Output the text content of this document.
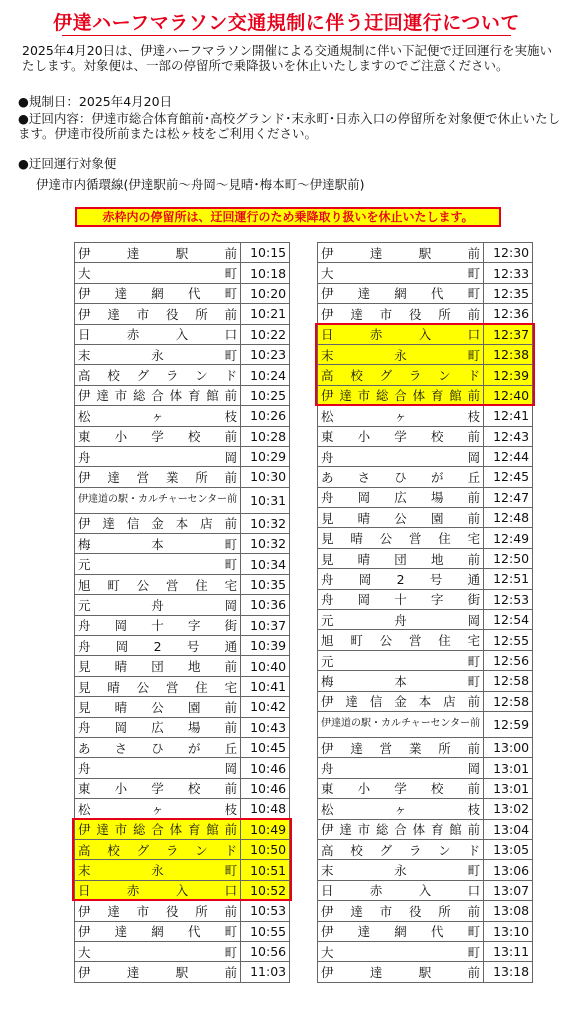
伊達ハーフマラソン交通規制に伴う迂回運行について
2025年4月20日は、伊達ハーフマラソン開催による交通規制に伴い下記便で迂回運行を実施いたします。対象便は、一部の停留所で乗降扱いを休止いたしますのでご注意ください。
●規制日：2025年4月20日
●迂回内容：伊達市総合体育館前･高校グランド･末永町･日赤入口の停留所を対象便で休止いたします。伊達市役所前または松ヶ枝をご利用ください。
●迂回運行対象便
伊達市内循環線(伊達駅前～舟岡～見晴･梅本町～伊達駅前)
赤枠内の停留所は、迂回運行のため乗降取り扱いを休止いたします。
伊達駅前	10:15
大町	10:18
伊達網代町	10:20
伊達市役所前	10:21
日赤入口	10:22
末永町	10:23
高校グランド	10:24
伊達市総合体育館前	10:25
松ヶ枝	10:26
東小学校前	10:28
舟岡	10:29
伊達営業所前	10:30
伊達道の駅・カルチャーセンター前	10:31
伊達信金本店前	10:32
梅本町	10:32
元町	10:34
旭町公営住宅	10:35
元舟岡	10:36
舟岡十字街	10:37
舟岡2号通	10:39
見晴団地前	10:40
見晴公営住宅	10:41
見晴公園前	10:42
舟岡広場前	10:43
あさひが丘	10:45
舟岡	10:46
東小学校前	10:46
松ヶ枝	10:48
伊達市総合体育館前	10:49
高校グランド	10:50
末永町	10:51
日赤入口	10:52
伊達市役所前	10:53
伊達網代町	10:55
大町	10:56
伊達駅前	11:03
伊達駅前	12:30
大町	12:33
伊達網代町	12:35
伊達市役所前	12:36
日赤入口	12:37
末永町	12:38
高校グランド	12:39
伊達市総合体育館前	12:40
松ヶ枝	12:41
東小学校前	12:43
舟岡	12:44
あさひが丘	12:45
舟岡広場前	12:47
見晴公園前	12:48
見晴公営住宅	12:49
見晴団地前	12:50
舟岡2号通	12:51
舟岡十字街	12:53
元舟岡	12:54
旭町公営住宅	12:55
元町	12:56
梅本町	12:58
伊達信金本店前	12:58
伊達道の駅・カルチャーセンター前	12:59
伊達営業所前	13:00
舟岡	13:01
東小学校前	13:01
松ヶ枝	13:02
伊達市総合体育館前	13:04
高校グランド	13:05
末永町	13:06
日赤入口	13:07
伊達市役所前	13:08
伊達網代町	13:10
大町	13:11
伊達駅前	13:18
